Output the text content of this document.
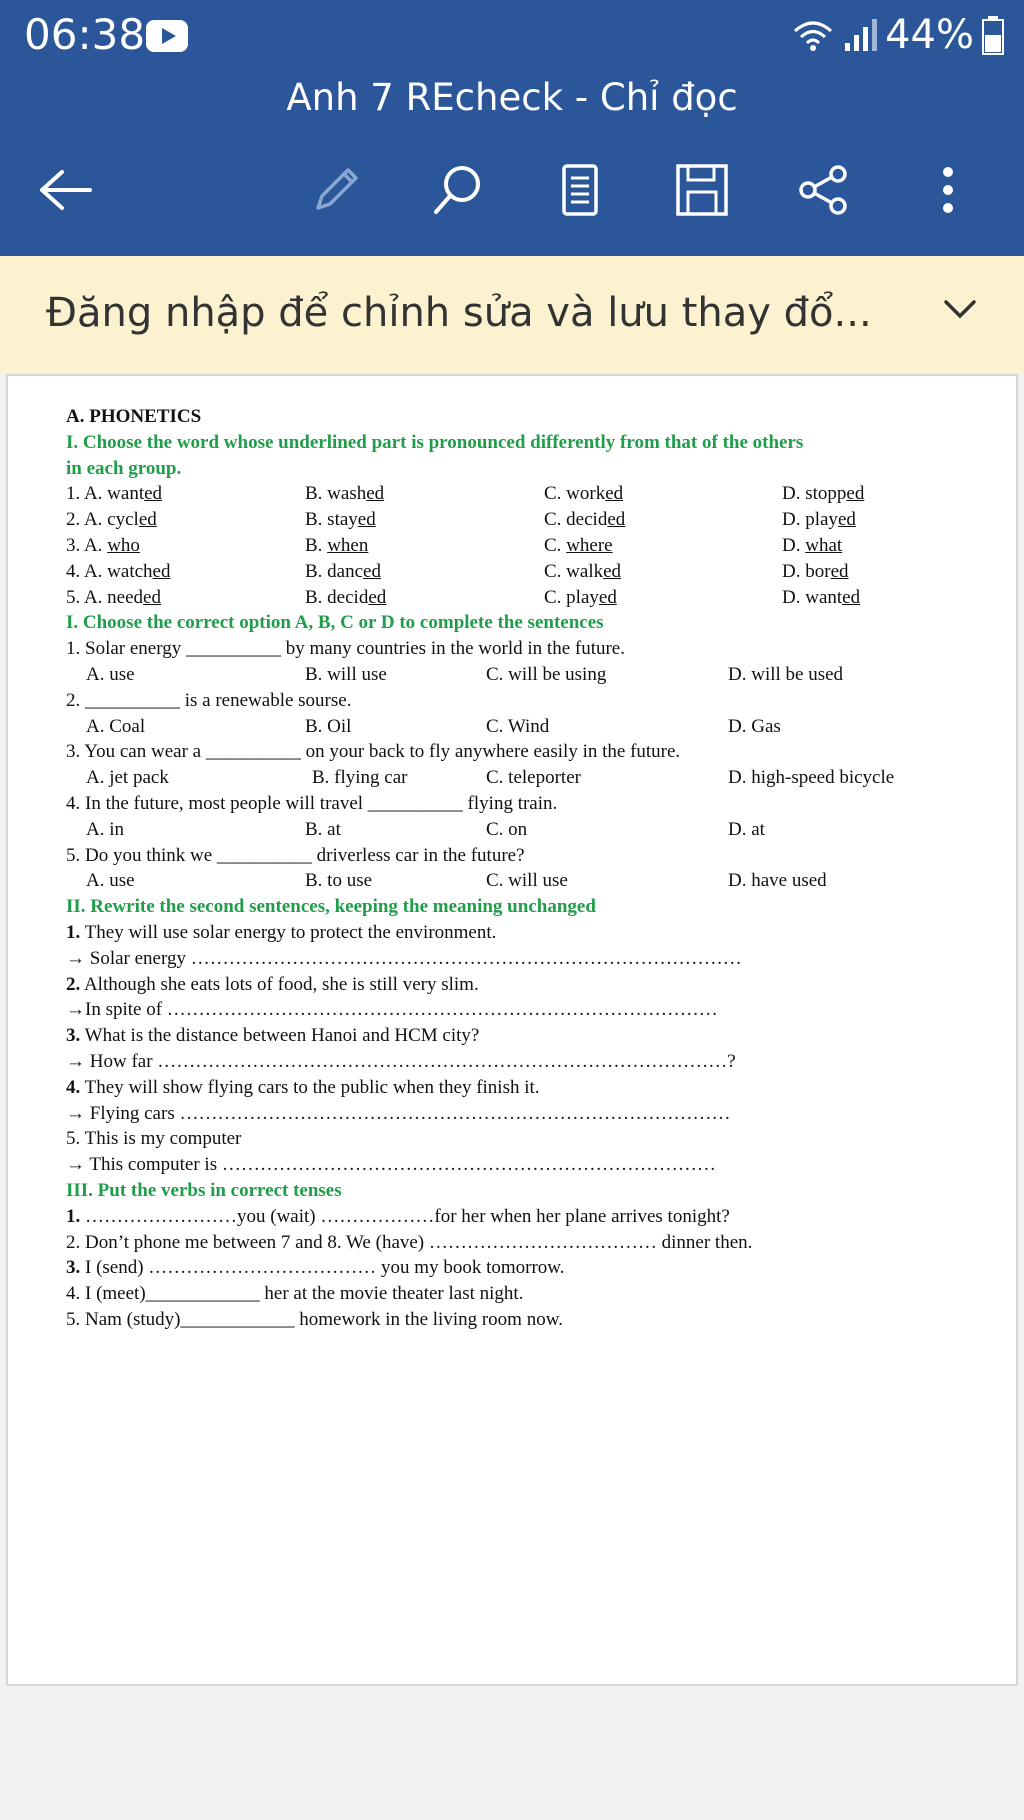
06:38	44%
Anh 7 REcheck - Chỉ đọc
Đăng nhập để chỉnh sửa và lưu thay đổ...
A. PHONETICS
I. Choose the word whose underlined part is pronounced differently from that of the others
in each group.
1. A. wanted	B. washed	C. worked	D. stopped
2. A. cycled	B. stayed	C. decided	D. played
3. A. who	B. when	C. where	D. what
4. A. watched	B. danced	C. walked	D. bored
5. A. needed	B. decided	C. played	D. wanted
I. Choose the correct option A, B, C or D to complete the sentences
1. Solar energy __________ by many countries in the world in the future.
A. use	B. will use	C. will be using	D. will be used
2. __________ is a renewable sourse.
A. Coal	B. Oil	C. Wind	D. Gas
3. You can wear a __________ on your back to fly anywhere easily in the future.
A. jet pack	B. flying car	C. teleporter	D. high-speed bicycle
4. In the future, most people will travel __________ flying train.
A. in	B. at	C. on	D. at
5. Do you think we __________ driverless car in the future?
A. use	B. to use	C. will use	D. have used
II. Rewrite the second sentences, keeping the meaning unchanged
1. They will use solar energy to protect the environment.
→ Solar energy ……………………………………………………………………………
2. Although she eats lots of food, she is still very slim.
→In spite of ……………………………………………………………………………
3. What is the distance between Hanoi and HCM city?
→ How far ………………………………………………………………………………?
4. They will show flying cars to the public when they finish it.
→ Flying cars ……………………………………………………………………………
5. This is my computer
→ This computer is ……………………………………………………………………
III. Put the verbs in correct tenses
1. ……………………you (wait) ………………for her when her plane arrives tonight?
2. Don’t phone me between 7 and 8. We (have) ……………………………… dinner then.
3. I (send) ……………………………… you my book tomorrow.
4. I (meet)____________ her at the movie theater last night.
5. Nam (study)____________ homework in the living room now.
